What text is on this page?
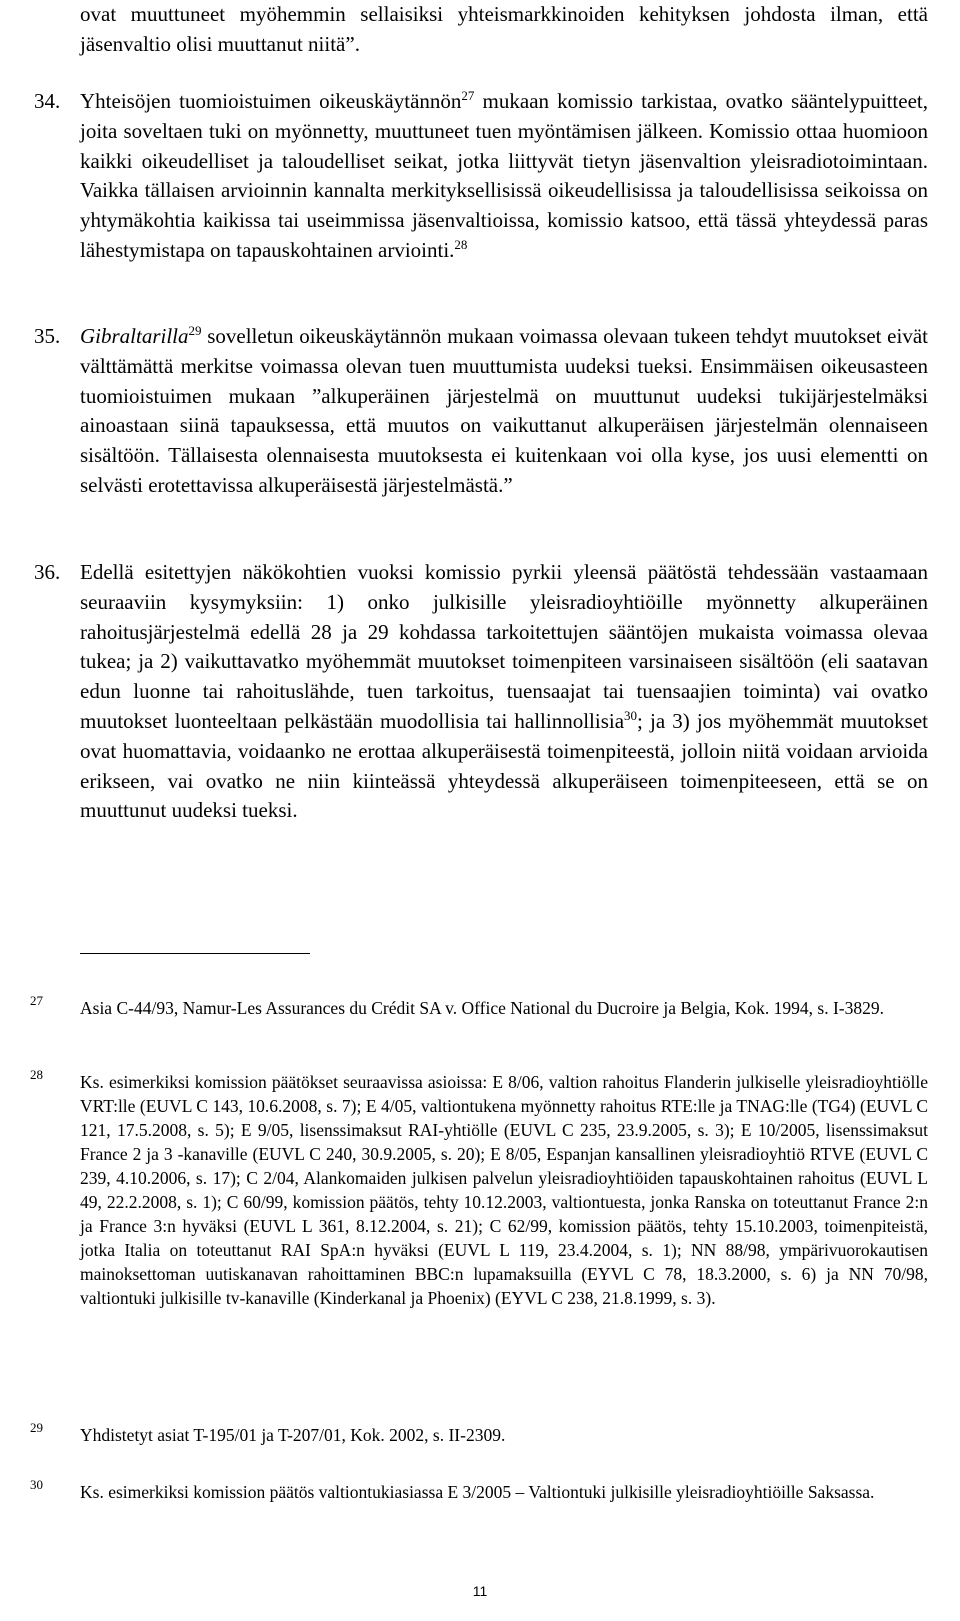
ovat muuttuneet myöhemmin sellaisiksi yhteismarkkinoiden kehityksen johdosta ilman, että jäsenvaltio olisi muuttanut niitä”.
34. Yhteisöjen tuomioistuimen oikeuskäytännön$^{27}$ mukaan komissio tarkistaa, ovatko sääntelypuitteet, joita soveltaen tuki on myönnetty, muuttuneet tuen myöntämisen jälkeen. Komissio ottaa huomioon kaikki oikeudelliset ja taloudelliset seikat, jotka liittyvät tietyn jäsenvaltion yleisradiotoimintaan. Vaikka tällaisen arvioinnin kannalta merkityksellisissä oikeudellisissa ja taloudellisissa seikoissa on yhtymäkohtia kaikissa tai useimmissa jäsenvaltioissa, komissio katsoo, että tässä yhteydessä paras lähestymistapa on tapauskohtainen arviointi.$^{28}$
35. Gibraltarilla$^{29}$ sovelletun oikeuskäytännön mukaan voimassa olevaan tukeen tehdyt muutokset eivät välttämättä merkitse voimassa olevan tuen muuttumista uudeksi tueksi. Ensimmäisen oikeusasteen tuomioistuimen mukaan ”alkuperäinen järjestelmä on muuttunut uudeksi tukijärjestelmäksi ainoastaan siinä tapauksessa, että muutos on vaikuttanut alkuperäisen järjestelmän olennaiseen sisältöön. Tällaisesta olennaisesta muutoksesta ei kuitenkaan voi olla kyse, jos uusi elementti on selvästi erotettavissa alkuperäisestä järjestelmästä.”
36. Edellä esitettyjen näkökohtien vuoksi komissio pyrkii yleensä päätöstä tehdessään vastaamaan seuraaviin kysymyksiin: 1) onko julkisille yleisradioyhtiöille myönnetty alkuperäinen rahoitusjärjestelmä edellä 28 ja 29 kohdassa tarkoitettujen sääntöjen mukaista voimassa olevaa tukea; ja 2) vaikuttavatko myöhemmät muutokset toimenpiteen varsinaiseen sisältöön (eli saatavan edun luonne tai rahoituslähde, tuen tarkoitus, tuensaajat tai tuensaajien toiminta) vai ovatko muutokset luonteeltaan pelkästään muodollisia tai hallinnollisia$^{30}$; ja 3) jos myöhemmät muutokset ovat huomattavia, voidaanko ne erottaa alkuperäisestä toimenpiteestä, jolloin niitä voidaan arvioida erikseen, vai ovatko ne niin kiinteässä yhteydessä alkuperäiseen toimenpiteeseen, että se on muuttunut uudeksi tueksi.
27 Asia C-44/93, Namur-Les Assurances du Crédit SA v. Office National du Ducroire ja Belgia, Kok. 1994, s. I-3829.
28 Ks. esimerkiksi komission päätökset seuraavissa asioissa: E 8/06, valtion rahoitus Flanderin julkiselle yleisradioyhtiölle VRT:lle (EUVL C 143, 10.6.2008, s. 7); E 4/05, valtiontukena myönnetty rahoitus RTE:lle ja TNAG:lle (TG4) (EUVL C 121, 17.5.2008, s. 5); E 9/05, lisenssimaksut RAI-yhtiölle (EUVL C 235, 23.9.2005, s. 3); E 10/2005, lisenssimaksut France 2 ja 3 -kanaville (EUVL C 240, 30.9.2005, s. 20); E 8/05, Espanjan kansallinen yleisradioyhtiö RTVE (EUVL C 239, 4.10.2006, s. 17); C 2/04, Alankomaiden julkisen palvelun yleisradioyhtiöiden tapauskohtainen rahoitus (EUVL L 49, 22.2.2008, s. 1); C 60/99, komission päätös, tehty 10.12.2003, valtiontuesta, jonka Ranska on toteuttanut France 2:n ja France 3:n hyväksi (EUVL L 361, 8.12.2004, s. 21); C 62/99, komission päätös, tehty 15.10.2003, toimenpiteistä, jotka Italia on toteuttanut RAI SpA:n hyväksi (EUVL L 119, 23.4.2004, s. 1); NN 88/98, ympärivuorokautisen mainoksettoman uutiskanavan rahoittaminen BBC:n lupamaksuilla (EYVL C 78, 18.3.2000, s. 6) ja NN 70/98, valtiontuki julkisille tv-kanaville (Kinderkanal ja Phoenix) (EYVL C 238, 21.8.1999, s. 3).
29 Yhdistetyt asiat T-195/01 ja T-207/01, Kok. 2002, s. II-2309.
30 Ks. esimerkiksi komission päätös valtiontukiasiassa E 3/2005 – Valtiontuki julkisille yleisradioyhtiöille Saksassa.
11
